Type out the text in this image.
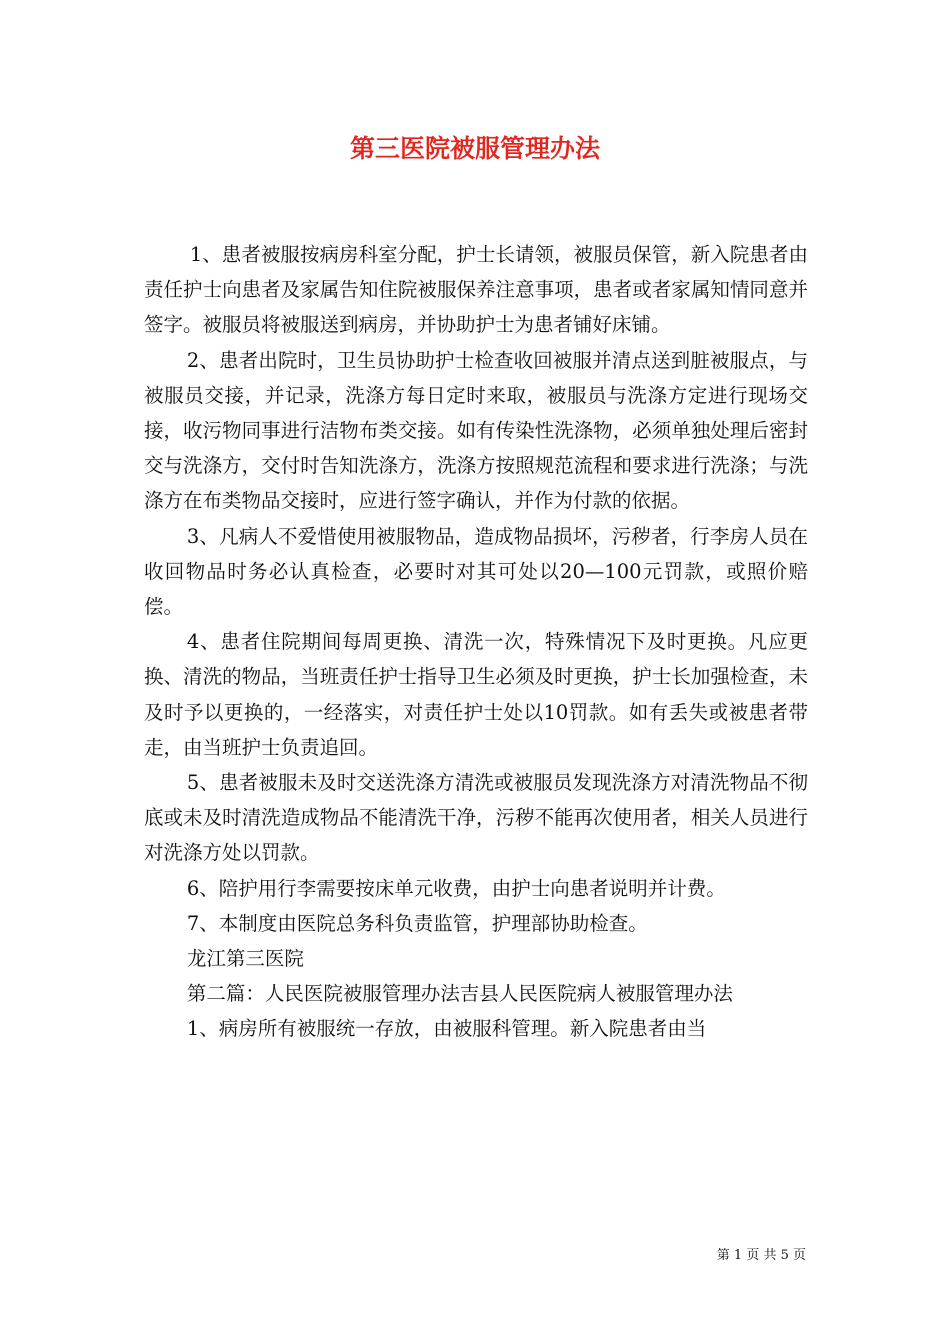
第三医院被服管理办法

1、患者被服按病房科室分配，护士长请领，被服员保管，新入院患者由责任护士向患者及家属告知住院被服保养注意事项，患者或者家属知情同意并签字。被服员将被服送到病房，并协助护士为患者铺好床铺。

2、患者出院时，卫生员协助护士检查收回被服并清点送到脏被服点，与被服员交接，并记录，洗涤方每日定时来取，被服员与洗涤方定进行现场交接，收污物同事进行洁物布类交接。如有传染性洗涤物，必须单独处理后密封交与洗涤方，交付时告知洗涤方，洗涤方按照规范流程和要求进行洗涤；与洗涤方在布类物品交接时，应进行签字确认，并作为付款的依据。

3、凡病人不爱惜使用被服物品，造成物品损坏，污秽者，行李房人员在收回物品时务必认真检查，必要时对其可处以20—100元罚款，或照价赔偿。

4、患者住院期间每周更换、清洗一次，特殊情况下及时更换。凡应更换、清洗的物品，当班责任护士指导卫生必须及时更换，护士长加强检查，未及时予以更换的，一经落实，对责任护士处以10罚款。如有丢失或被患者带走，由当班护士负责追回。

5、患者被服未及时交送洗涤方清洗或被服员发现洗涤方对清洗物品不彻底或未及时清洗造成物品不能清洗干净，污秽不能再次使用者，相关人员进行对洗涤方处以罚款。

6、陪护用行李需要按床单元收费，由护士向患者说明并计费。

7、本制度由医院总务科负责监管，护理部协助检查。

龙江第三医院

第二篇：人民医院被服管理办法吉县人民医院病人被服管理办法

1、病房所有被服统一存放，由被服科管理。新入院患者由当

第 1 页 共 5 页
